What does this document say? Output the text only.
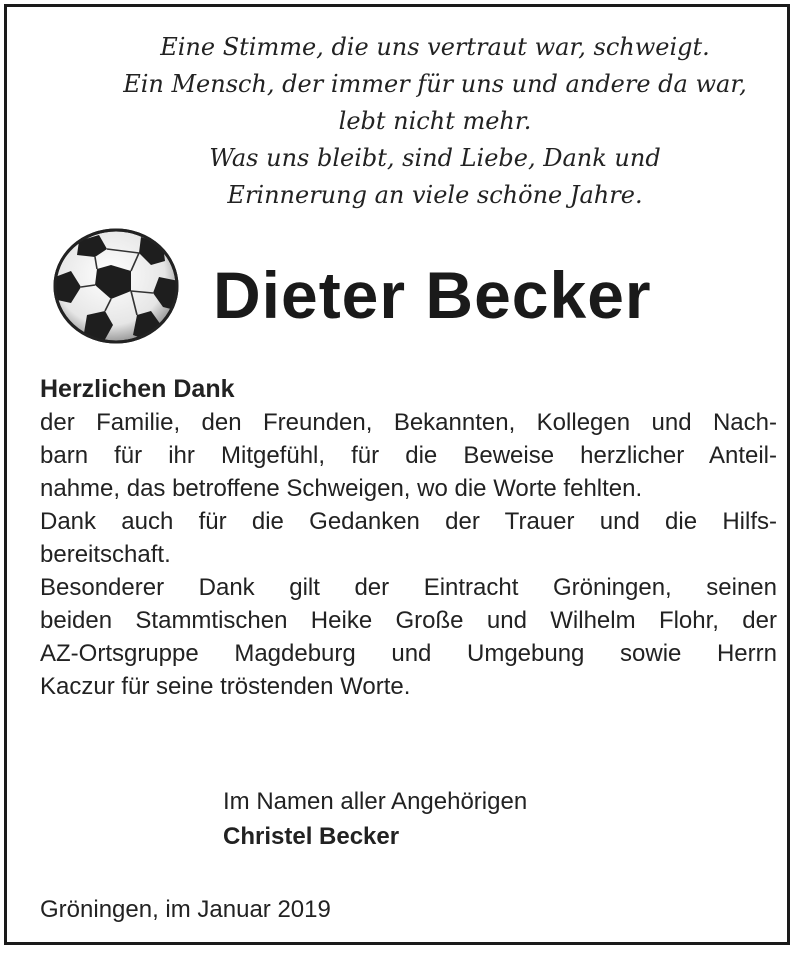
Eine Stimme, die uns vertraut war, schweigt.
Ein Mensch, der immer für uns und andere da war,
lebt nicht mehr.
Was uns bleibt, sind Liebe, Dank und
Erinnerung an viele schöne Jahre.
Dieter Becker
Herzlichen Dank
der Familie, den Freunden, Bekannten, Kollegen und Nach-
barn für ihr Mitgefühl, für die Beweise herzlicher Anteil-
nahme, das betroffene Schweigen, wo die Worte fehlten.
Dank auch für die Gedanken der Trauer und die Hilfs-
bereitschaft.
Besonderer Dank gilt der Eintracht Gröningen, seinen
beiden Stammtischen Heike Große und Wilhelm Flohr, der
AZ-Ortsgruppe Magdeburg und Umgebung sowie Herrn
Kaczur für seine tröstenden Worte.
Im Namen aller Angehörigen
Christel Becker
Gröningen, im Januar 2019
